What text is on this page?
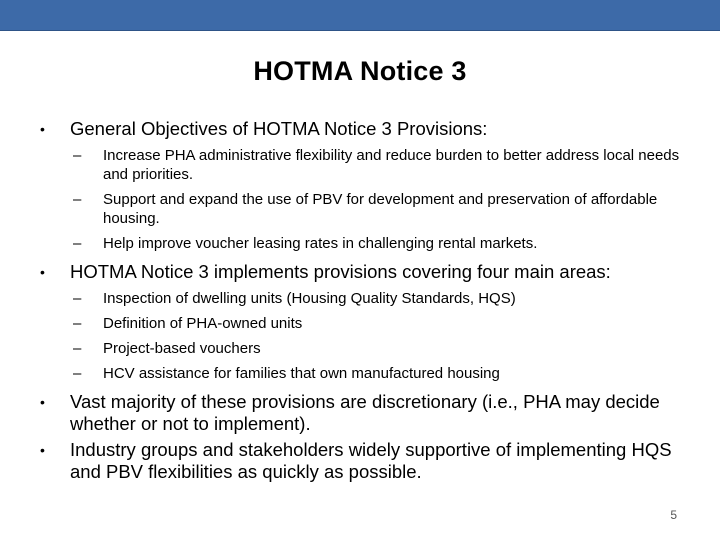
HOTMA Notice 3
•	General Objectives of HOTMA Notice 3 Provisions:
– Increase PHA administrative flexibility and reduce burden to better address local needs and priorities.
– Support and expand the use of PBV for development and preservation of affordable housing.
– Help improve voucher leasing rates in challenging rental markets.
•	HOTMA Notice 3 implements provisions covering four main areas:
– Inspection of dwelling units (Housing Quality Standards, HQS)
– Definition of PHA-owned units
– Project-based vouchers
– HCV assistance for families that own manufactured housing
•	Vast majority of these provisions are discretionary (i.e., PHA may decide whether or not to implement).
•	Industry groups and stakeholders widely supportive of implementing HQS and PBV flexibilities as quickly as possible.
5
